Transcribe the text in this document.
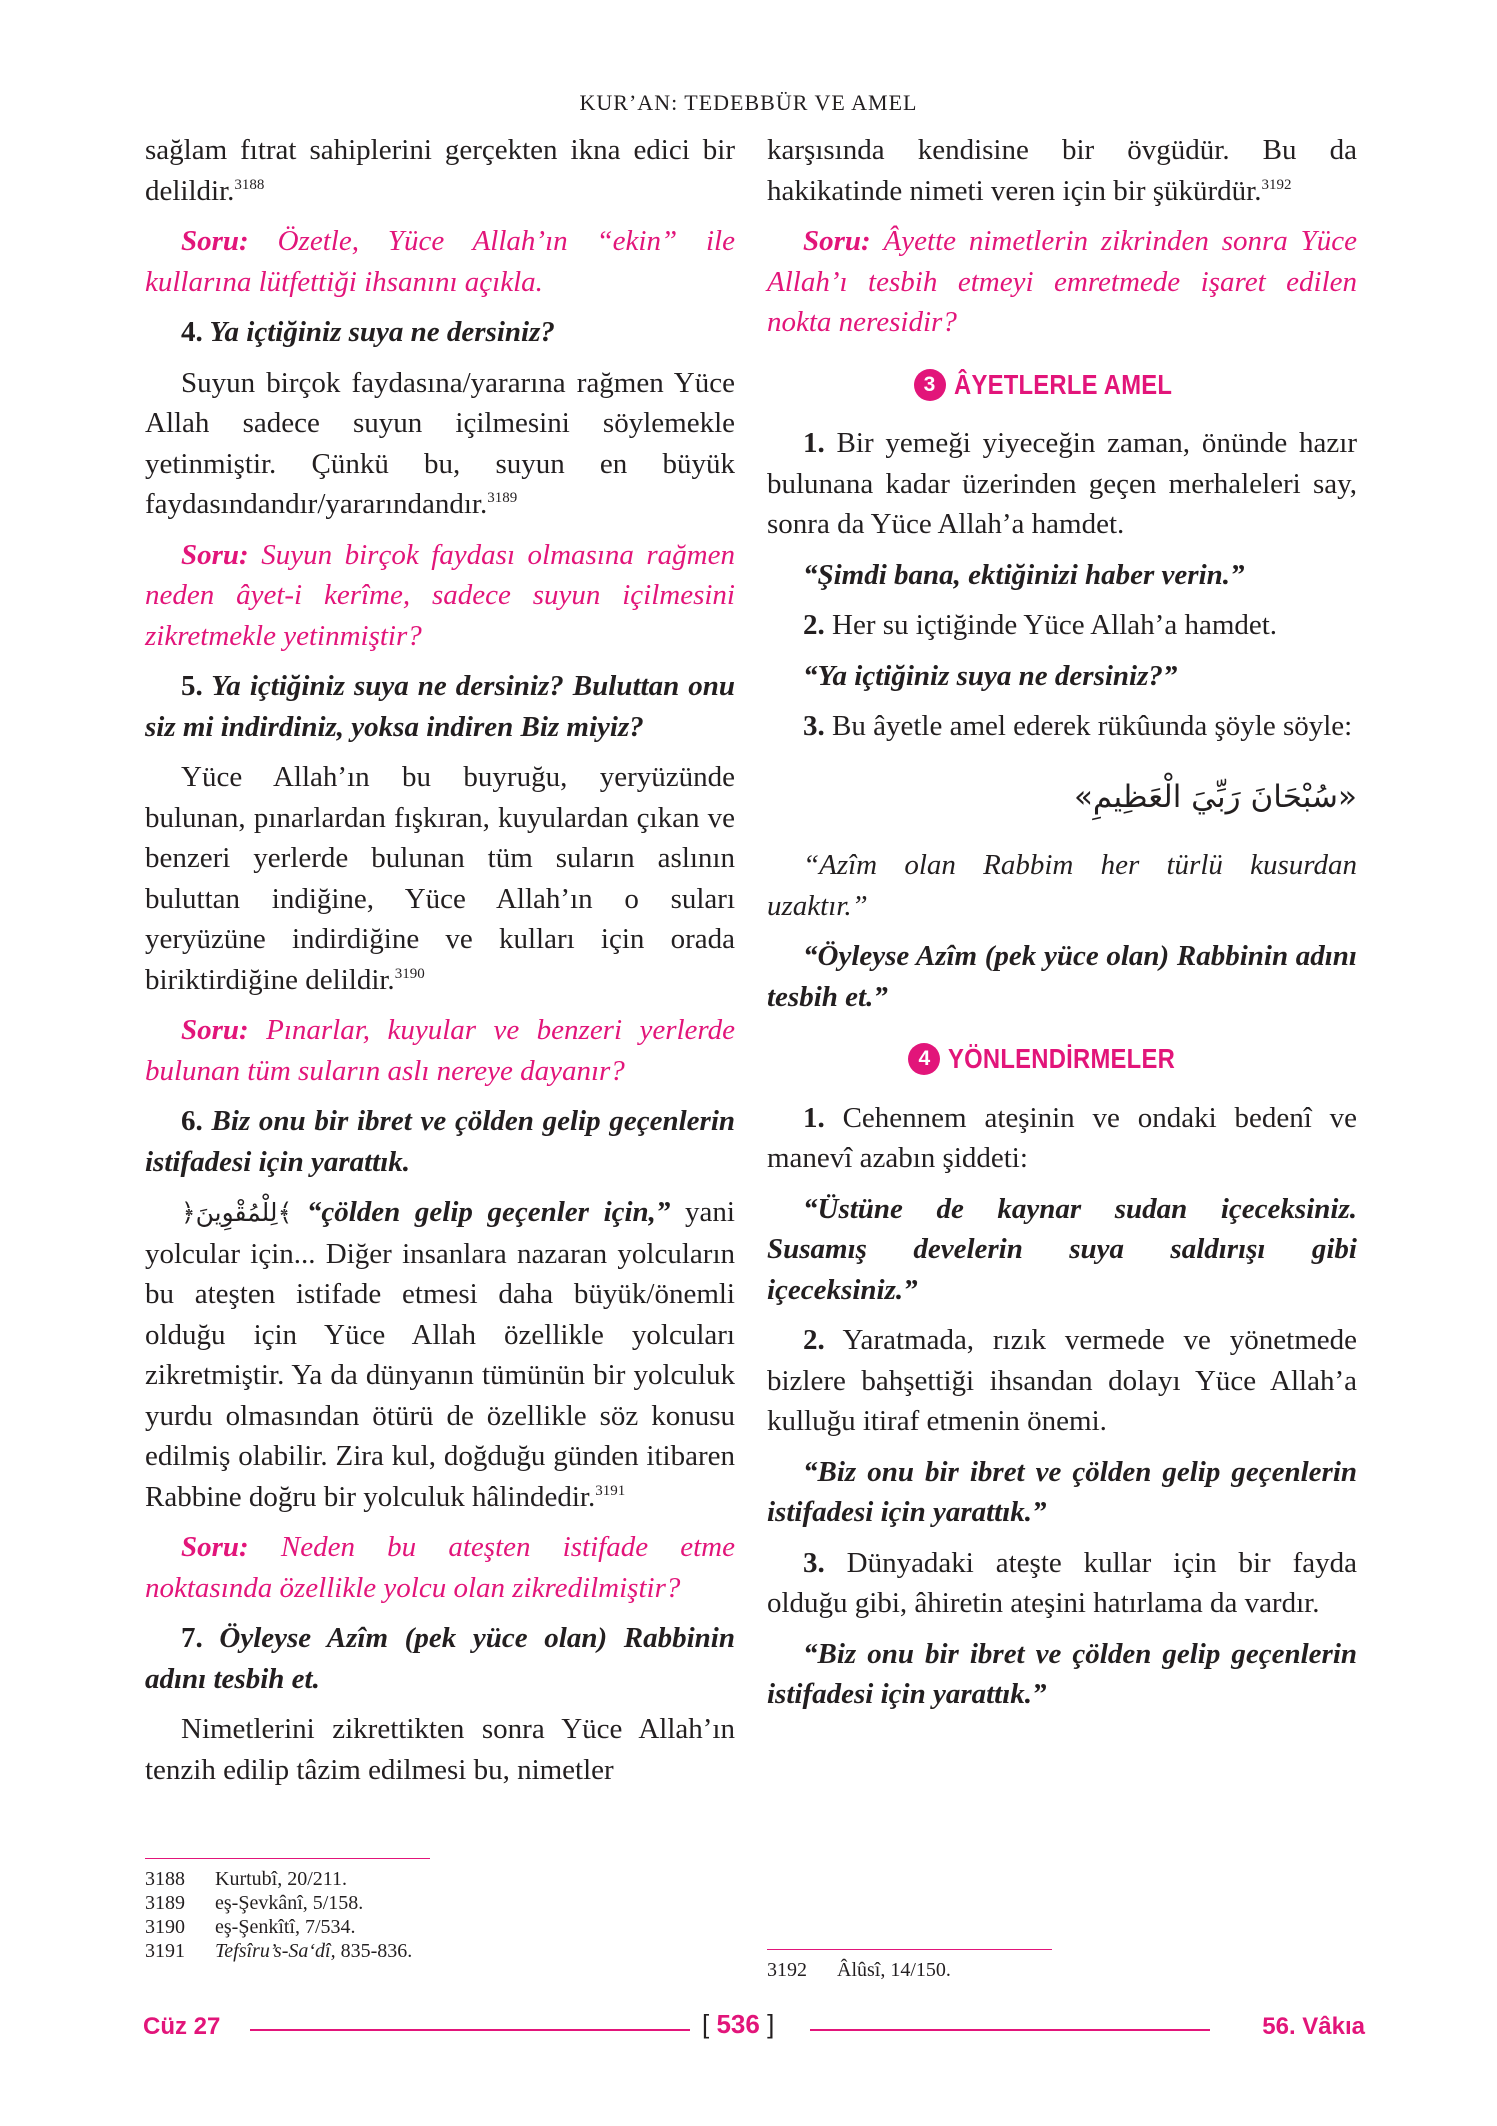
KUR’AN: TEDEBBÜR VE AMEL

sağlam fıtrat sahiplerini gerçekten ikna edici bir delildir.$^{3188}$

Soru: Özetle, Yüce Allah’ın “ekin” ile kullarına lütfettiği ihsanını açıkla.

4. Ya içtiğiniz suya ne dersiniz?

Suyun birçok faydasına/yararına rağmen Yüce Allah sadece suyun içilmesini söylemekle yetinmiştir. Çünkü bu, suyun en büyük faydasındandır/yararındandır.$^{3189}$

Soru: Suyun birçok faydası olmasına rağmen neden âyet-i kerîme, sadece suyun içilmesini zikretmekle yetinmiştir?

5. Ya içtiğiniz suya ne dersiniz? Buluttan onu siz mi indirdiniz, yoksa indiren Biz miyiz?

Yüce Allah’ın bu buyruğu, yeryüzünde bulunan, pınarlardan fışkıran, kuyulardan çıkan ve benzeri yerlerde bulunan tüm suların aslının buluttan indiğine, Yüce Allah’ın o suları yeryüzüne indirdiğine ve kulları için orada biriktirdiğine delildir.$^{3190}$

Soru: Pınarlar, kuyular ve benzeri yerlerde bulunan tüm suların aslı nereye dayanır?

6. Biz onu bir ibret ve çölden gelip geçenlerin istifadesi için yarattık.

﴿لِلْمُقْوِينَ﴾ “çölden gelip geçenler için,” yani yolcular için... Diğer insanlara nazaran yolcuların bu ateşten istifade etmesi daha büyük/önemli olduğu için Yüce Allah özellikle yolcuları zikretmiştir. Ya da dünyanın tümünün bir yolculuk yurdu olmasından ötürü de özellikle söz konusu edilmiş olabilir. Zira kul, doğduğu günden itibaren Rabbine doğru bir yolculuk hâlindedir.$^{3191}$

Soru: Neden bu ateşten istifade etme noktasında özellikle yolcu olan zikredilmiştir?

7. Öyleyse Azîm (pek yüce olan) Rabbinin adını tesbih et.

Nimetlerini zikrettikten sonra Yüce Allah’ın tenzih edilip tâzim edilmesi bu, nimetler

karşısında kendisine bir övgüdür. Bu da hakikatinde nimeti veren için bir şükürdür.$^{3192}$

Soru: Âyette nimetlerin zikrinden sonra Yüce Allah’ı tesbih etmeyi emretmede işaret edilen nokta neresidir?

3 ÂYETLERLE AMEL

1. Bir yemeği yiyeceğin zaman, önünde hazır bulunana kadar üzerinden geçen merhaleleri say, sonra da Yüce Allah’a hamdet.

“Şimdi bana, ektiğinizi haber verin.”

2. Her su içtiğinde Yüce Allah’a hamdet.

“Ya içtiğiniz suya ne dersiniz?”

3. Bu âyetle amel ederek rükûunda şöyle söyle:

«سُبْحَانَ رَبِّيَ الْعَظِيمِ»

“Azîm olan Rabbim her türlü kusurdan uzaktır.”

“Öyleyse Azîm (pek yüce olan) Rabbinin adını tesbih et.”

4 YÖNLENDİRMELER

1. Cehennem ateşinin ve ondaki bedenî ve manevî azabın şiddeti:

“Üstüne de kaynar sudan içeceksiniz. Susamış develerin suya saldırışı gibi içeceksiniz.”

2. Yaratmada, rızık vermede ve yönetmede bizlere bahşettiği ihsandan dolayı Yüce Allah’a kulluğu itiraf etmenin önemi.

“Biz onu bir ibret ve çölden gelip geçenlerin istifadesi için yarattık.”

3. Dünyadaki ateşte kullar için bir fayda olduğu gibi, âhiretin ateşini hatırlama da vardır.

“Biz onu bir ibret ve çölden gelip geçenlerin istifadesi için yarattık.”

3188	Kurtubî, 20/211.
3189	eş-Şevkânî, 5/158.
3190	eş-Şenkîtî, 7/534.
3191	Tefsîru’s-Sa‘dî, 835-836.
3192	Âlûsî, 14/150.
Cüz 27	[ 536 ]	56. Vâkıa
